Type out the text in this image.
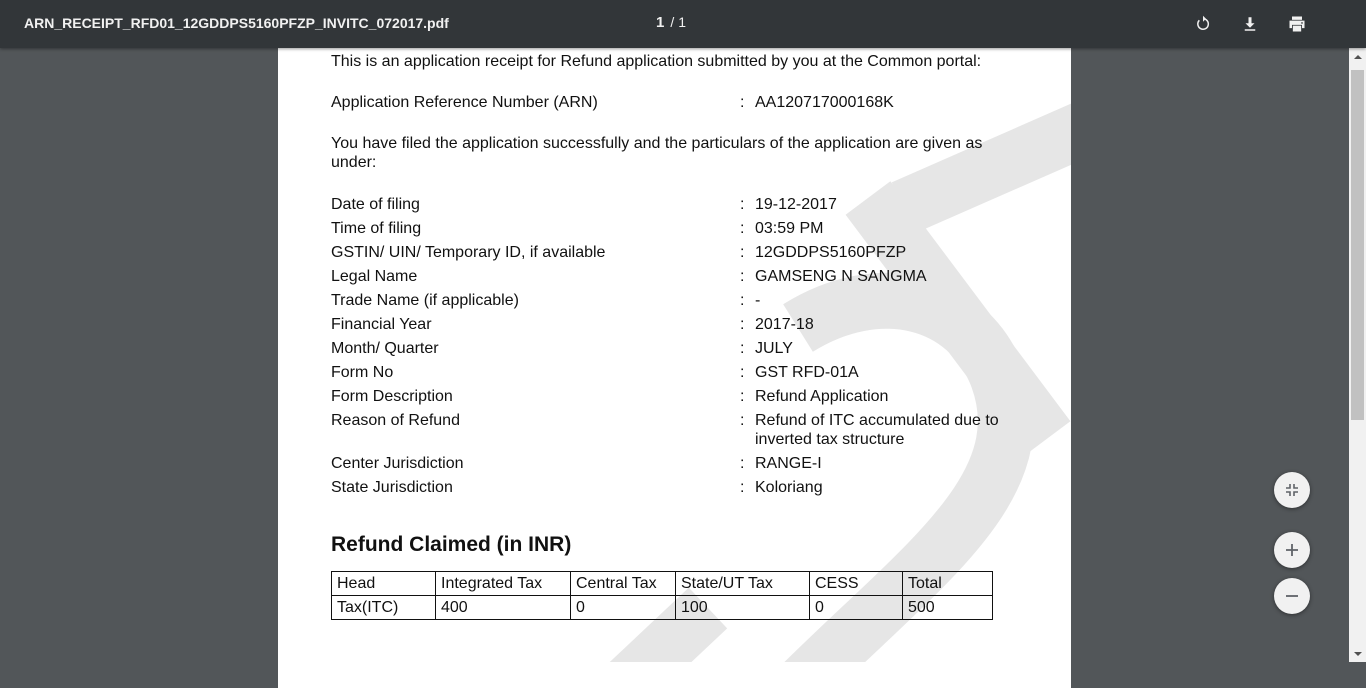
ARN_RECEIPT_RFD01_12GDDPS5160PFZP_INVITC_072017.pdf	1 / 1
This is an application receipt for Refund application submitted by you at the Common portal:
Application Reference Number (ARN)	: AA120717000168K
You have filed the application successfully and the particulars of the application are given as
under:
Date of filing	: 19-12-2017
Time of filing	: 03:59 PM
GSTIN/ UIN/ Temporary ID, if available	: 12GDDPS5160PFZP
Legal Name	: GAMSENG N SANGMA
Trade Name (if applicable)	: -
Financial Year	: 2017-18
Month/ Quarter	: JULY
Form No	: GST RFD-01A
Form Description	: Refund Application
Reason of Refund	: Refund of ITC accumulated due to
inverted tax structure
Center Jurisdiction	: RANGE-I
State Jurisdiction	: Koloriang
Refund Claimed (in INR)
Head	Integrated Tax	Central Tax	State/UT Tax	CESS	Total
Tax(ITC)	400	0	100	0	500
